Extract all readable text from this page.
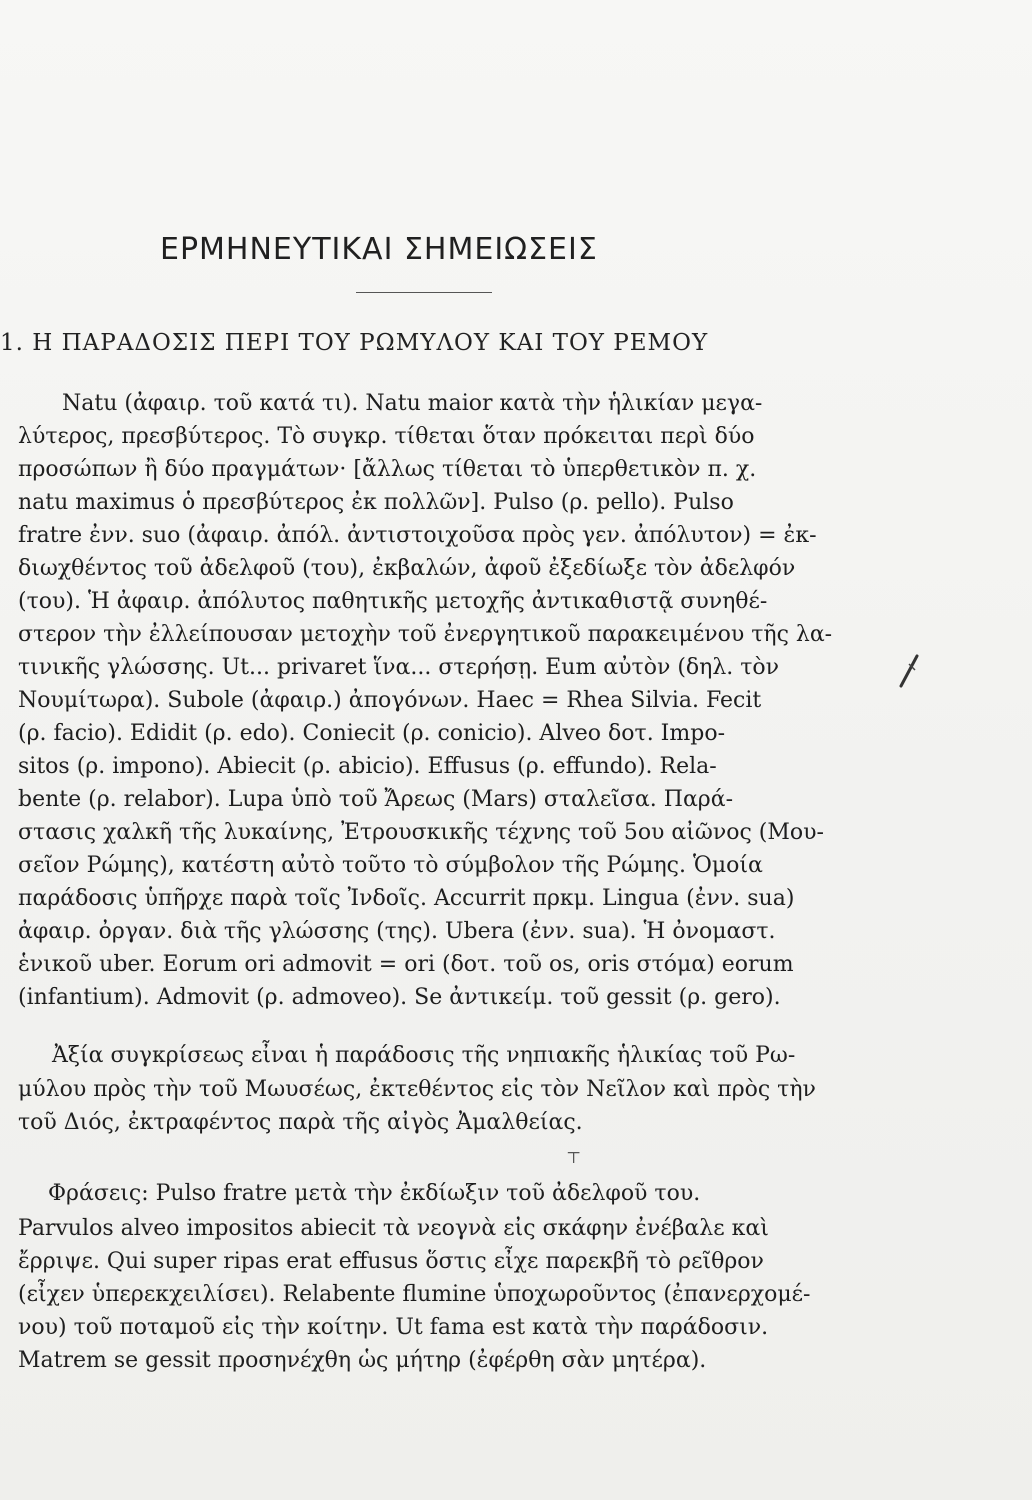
ΕΡΜΗΝΕΥΤΙΚΑΙ ΣΗΜΕΙΩΣΕΙΣ
1. Η ΠΑΡΑΔΟΣΙΣ ΠΕΡΙ ΤΟΥ ΡΩΜΥΛΟΥ ΚΑΙ ΤΟΥ ΡΕΜΟΥ
Natu (ἀφαιρ. τοῦ κατά τι). Natu maior κατὰ τὴν ἡλικίαν μεγα-
λύτερος, πρεσβύτερος. Τὸ συγκρ. τίθεται ὅταν πρόκειται περὶ δύο
προσώπων ἢ δύο πραγμάτων· [ἄλλως τίθεται τὸ ὑπερθετικὸν π. χ.
natu maximus ὁ πρεσβύτερος ἐκ πολλῶν]. Pulso (ρ. pello). Pulso
fratre ἐνν. suo (ἀφαιρ. ἀπόλ. ἀντιστοιχοῦσα πρὸς γεν. ἀπόλυτον) = ἐκ-
διωχθέντος τοῦ ἀδελφοῦ (του), ἐκβαλών, ἀφοῦ ἐξεδίωξε τὸν ἀδελφόν
(του). Ἡ ἀφαιρ. ἀπόλυτος παθητικῆς μετοχῆς ἀντικαθιστᾷ συνηθέ-
στερον τὴν ἐλλείπουσαν μετοχὴν τοῦ ἐνεργητικοῦ παρακειμένου τῆς λα-
τινικῆς γλώσσης. Ut... privaret ἵνα... στερήσῃ. Eum αὐτὸν (δηλ. τὸν
Νουμίτωρα). Subole (ἀφαιρ.) ἀπογόνων. Haec = Rhea Silvia. Fecit
(ρ. facio). Edidit (ρ. edo). Coniecit (ρ. conicio). Alveo δοτ. Impo-
sitos (ρ. impono). Abiecit (ρ. abicio). Effusus (ρ. effundo). Rela-
bente (ρ. relabor). Lupa ὑπὸ τοῦ Ἄρεως (Mars) σταλεῖσα. Παρά-
στασις χαλκῆ τῆς λυκαίνης, Ἐτρουσκικῆς τέχνης τοῦ 5ου αἰῶνος (Μου-
σεῖον Ρώμης), κατέστη αὐτὸ τοῦτο τὸ σύμβολον τῆς Ρώμης. Ὁμοία
παράδοσις ὑπῆρχε παρὰ τοῖς Ἰνδοῖς. Accurrit πρκμ. Lingua (ἐνν. sua)
ἀφαιρ. ὀργαν. διὰ τῆς γλώσσης (της). Ubera (ἐνν. sua). Ἡ ὀνομαστ.
ἑνικοῦ uber. Eorum ori admovit = ori (δοτ. τοῦ os, oris στόμα) eorum
(infantium). Admovit (ρ. admoveo). Se ἀντικείμ. τοῦ gessit (ρ. gero).
Ἀξία συγκρίσεως εἶναι ἡ παράδοσις τῆς νηπιακῆς ἡλικίας τοῦ Ρω-
μύλου πρὸς τὴν τοῦ Μωυσέως, ἐκτεθέντος εἰς τὸν Νεῖλον καὶ πρὸς τὴν
τοῦ Διός, ἐκτραφέντος παρὰ τῆς αἰγὸς Ἀμαλθείας.
⊤
Φράσεις: Pulso fratre μετὰ τὴν ἐκδίωξιν τοῦ ἀδελφοῦ του.
Parvulos alveo impositos abiecit τὰ νεογνὰ εἰς σκάφην ἐνέβαλε καὶ
ἔρριψε. Qui super ripas erat effusus ὅστις εἶχε παρεκβῆ τὸ ρεῖθρον
(εἶχεν ὑπερεκχειλίσει). Relabente flumine ὑποχωροῦντος (ἐπανερχομέ-
νου) τοῦ ποταμοῦ εἰς τὴν κοίτην. Ut fama est κατὰ τὴν παράδοσιν.
Matrem se gessit προσηνέχθη ὡς μήτηρ (ἐφέρθη σὰν μητέρα).
